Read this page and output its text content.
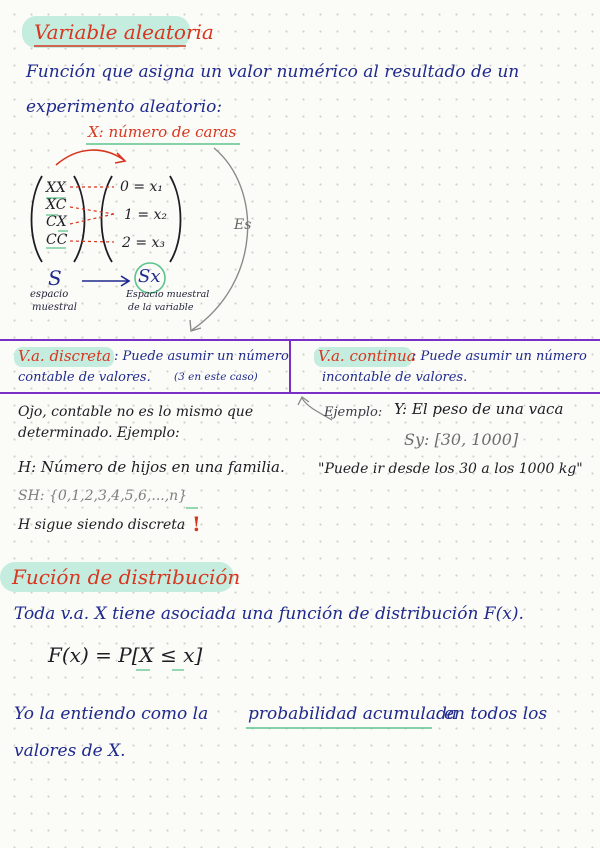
Variable aleatoria
Función que asigna un valor numérico al resultado de un
experimento aleatorio:
X: número de caras
XX
XC
CX
CC
0 = x₁
1 = x₂
2 = x₃
Es
S	Sx
espacio
muestral
Espacio muestral
de la variable
V.a. discreta : Puede asumir un número
contable de valores. (3 en este caso)
V.a. continua
: Puede asumir un número
incontable de valores.
Ojo, contable no es lo mismo que
determinado. Ejemplo:
H: Número de hijos en una familia.
SH: {0,1,2,3,4,5,6,...,n}
H sigue siendo discreta !
Ejemplo: Y: El peso de una vaca
Sy: [30, 1000]
"Puede ir desde los 30 a los 1000 kg"
Fución de distribución
Toda v.a. X tiene asociada una función de distribución F(x).
F(x) = P[X ≤ x]
Yo la entiendo como la probabilidad acumulada
en todos los
valores de X.
